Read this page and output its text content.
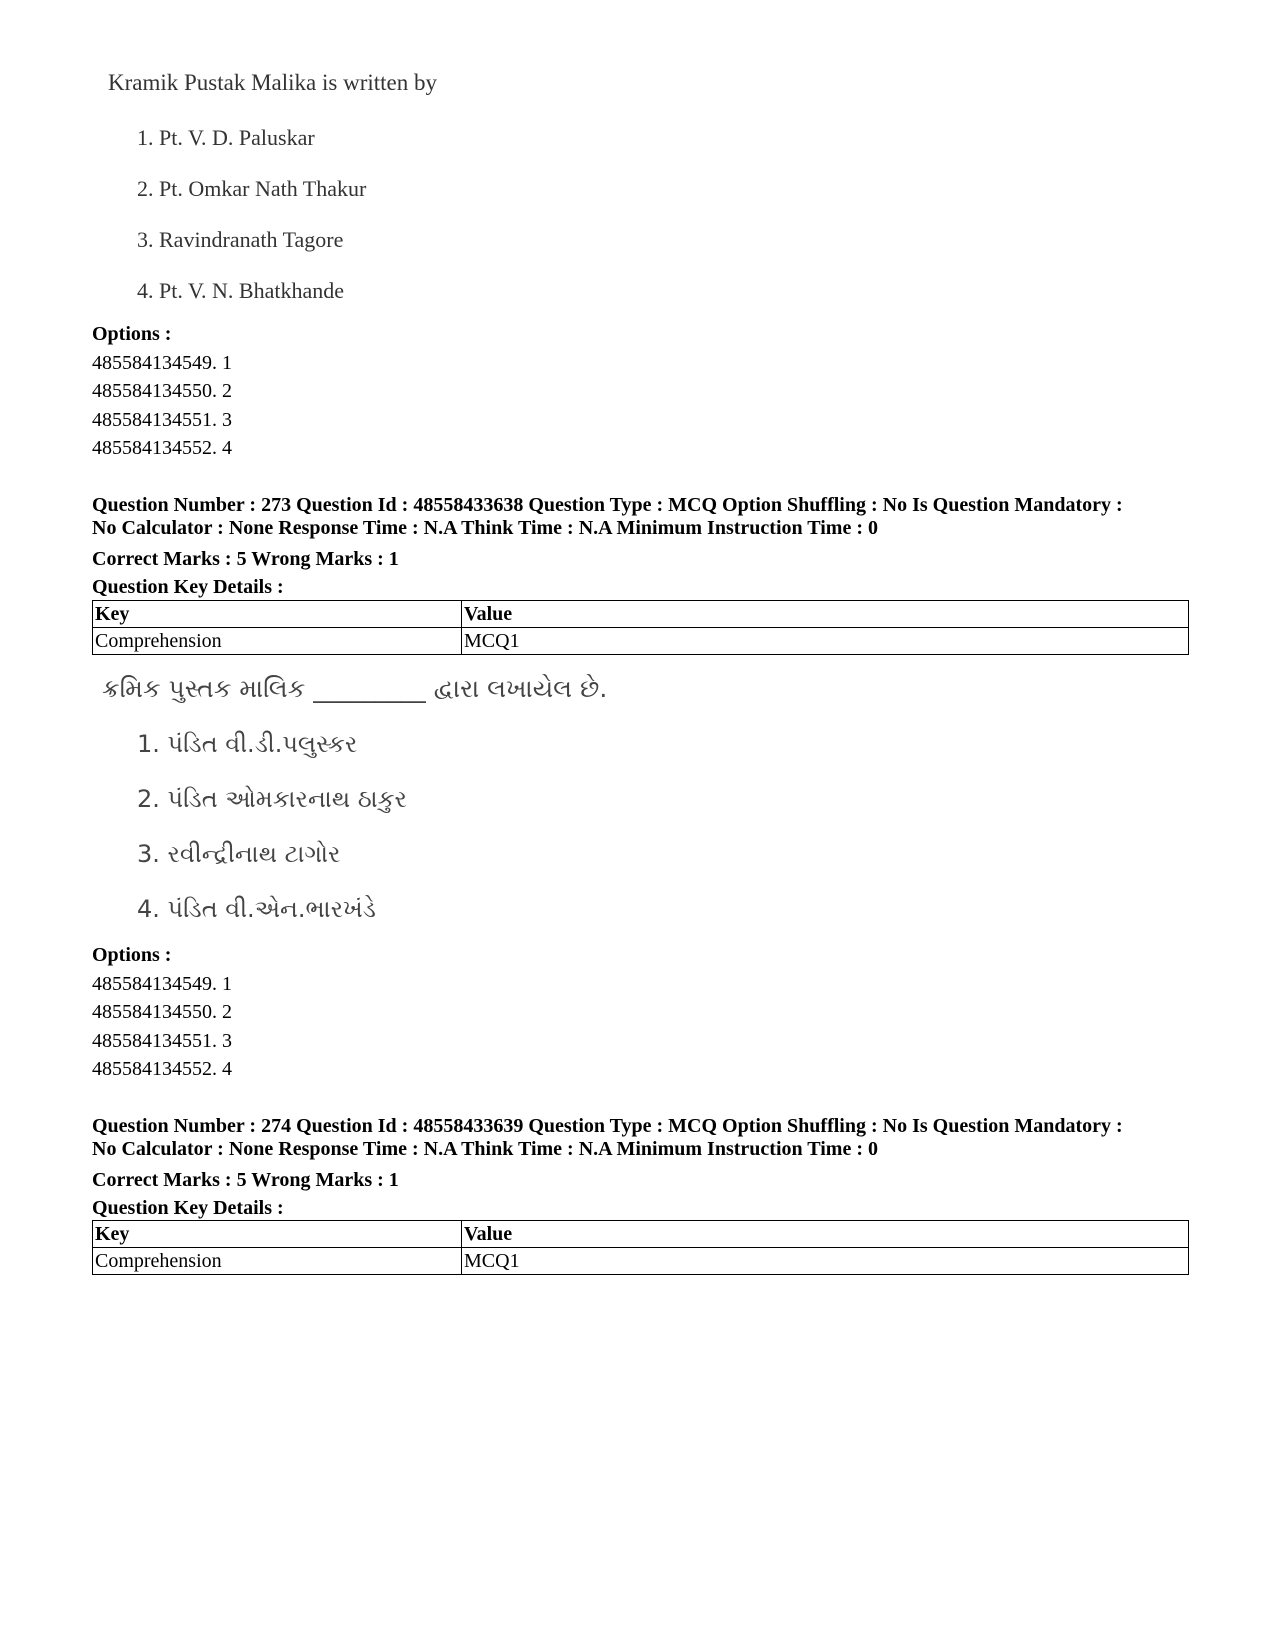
Kramik Pustak Malika is written by

1. Pt. V. D. Paluskar
2. Pt. Omkar Nath Thakur
3. Ravindranath Tagore
4. Pt. V. N. Bhatkhande
Options :
485584134549. 1
485584134550. 2
485584134551. 3
485584134552. 4
Question Number : 273 Question Id : 48558433638 Question Type : MCQ Option Shuffling : No Is Question Mandatory :
No Calculator : None Response Time : N.A Think Time : N.A Minimum Instruction Time : 0
Correct Marks : 5 Wrong Marks : 1
Question Key Details :
Key	Value
Comprehension	MCQ1

ક્રમિક પુસ્તક માલિક _________ દ્વારા લખાયેલ છે.

1. પંડિત વી.ડી.પલુસ્કર
2. પંડિત ઓમકારનાથ ઠાકુર
3. રવીન્દ્રીનાથ ટાગોર
4. પંડિત વી.એન.ભારખંડે
Options :
485584134549. 1
485584134550. 2
485584134551. 3
485584134552. 4
Question Number : 274 Question Id : 48558433639 Question Type : MCQ Option Shuffling : No Is Question Mandatory :
No Calculator : None Response Time : N.A Think Time : N.A Minimum Instruction Time : 0
Correct Marks : 5 Wrong Marks : 1
Question Key Details :
Key	Value
Comprehension	MCQ1
